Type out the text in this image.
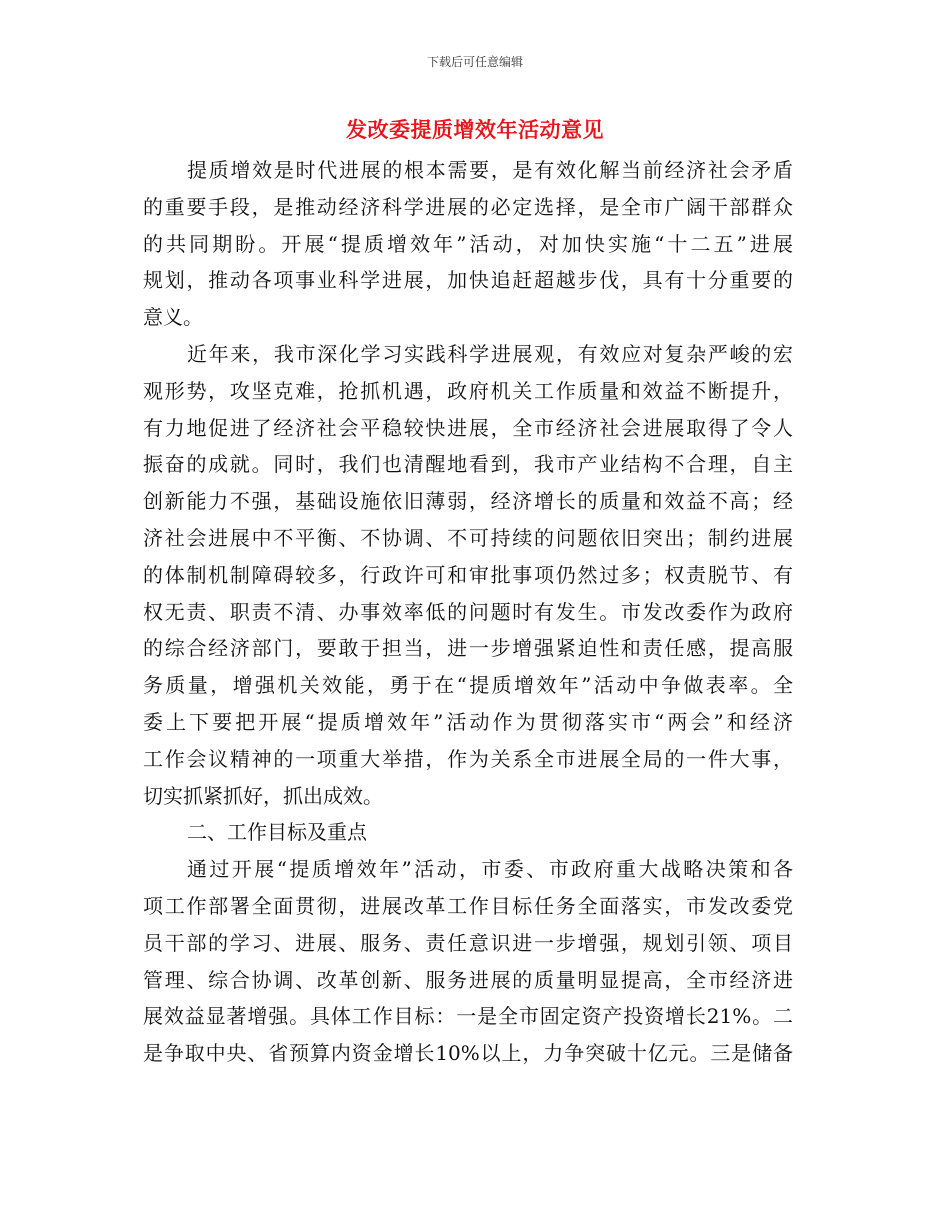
下载后可任意编辑
发改委提质增效年活动意见
提质增效是时代进展的根本需要，是有效化解当前经济社会矛盾
的重要手段，是推动经济科学进展的必定选择，是全市广阔干部群众
的共同期盼。开展“提质增效年”活动，对加快实施“十二五”进展
规划，推动各项事业科学进展，加快追赶超越步伐，具有十分重要的
意义。
近年来，我市深化学习实践科学进展观，有效应对复杂严峻的宏
观形势，攻坚克难，抢抓机遇，政府机关工作质量和效益不断提升，
有力地促进了经济社会平稳较快进展，全市经济社会进展取得了令人
振奋的成就。同时，我们也清醒地看到，我市产业结构不合理，自主
创新能力不强，基础设施依旧薄弱，经济增长的质量和效益不高；经
济社会进展中不平衡、不协调、不可持续的问题依旧突出；制约进展
的体制机制障碍较多，行政许可和审批事项仍然过多；权责脱节、有
权无责、职责不清、办事效率低的问题时有发生。市发改委作为政府
的综合经济部门，要敢于担当，进一步增强紧迫性和责任感，提高服
务质量，增强机关效能，勇于在“提质增效年”活动中争做表率。全
委上下要把开展“提质增效年”活动作为贯彻落实市“两会”和经济
工作会议精神的一项重大举措，作为关系全市进展全局的一件大事，
切实抓紧抓好，抓出成效。
二、工作目标及重点
通过开展“提质增效年”活动，市委、市政府重大战略决策和各
项工作部署全面贯彻，进展改革工作目标任务全面落实，市发改委党
员干部的学习、进展、服务、责任意识进一步增强，规划引领、项目
管理、综合协调、改革创新、服务进展的质量明显提高，全市经济进
展效益显著增强。具体工作目标：一是全市固定资产投资增长21%。二
是争取中央、省预算内资金增长10%以上，力争突破十亿元。三是储备
